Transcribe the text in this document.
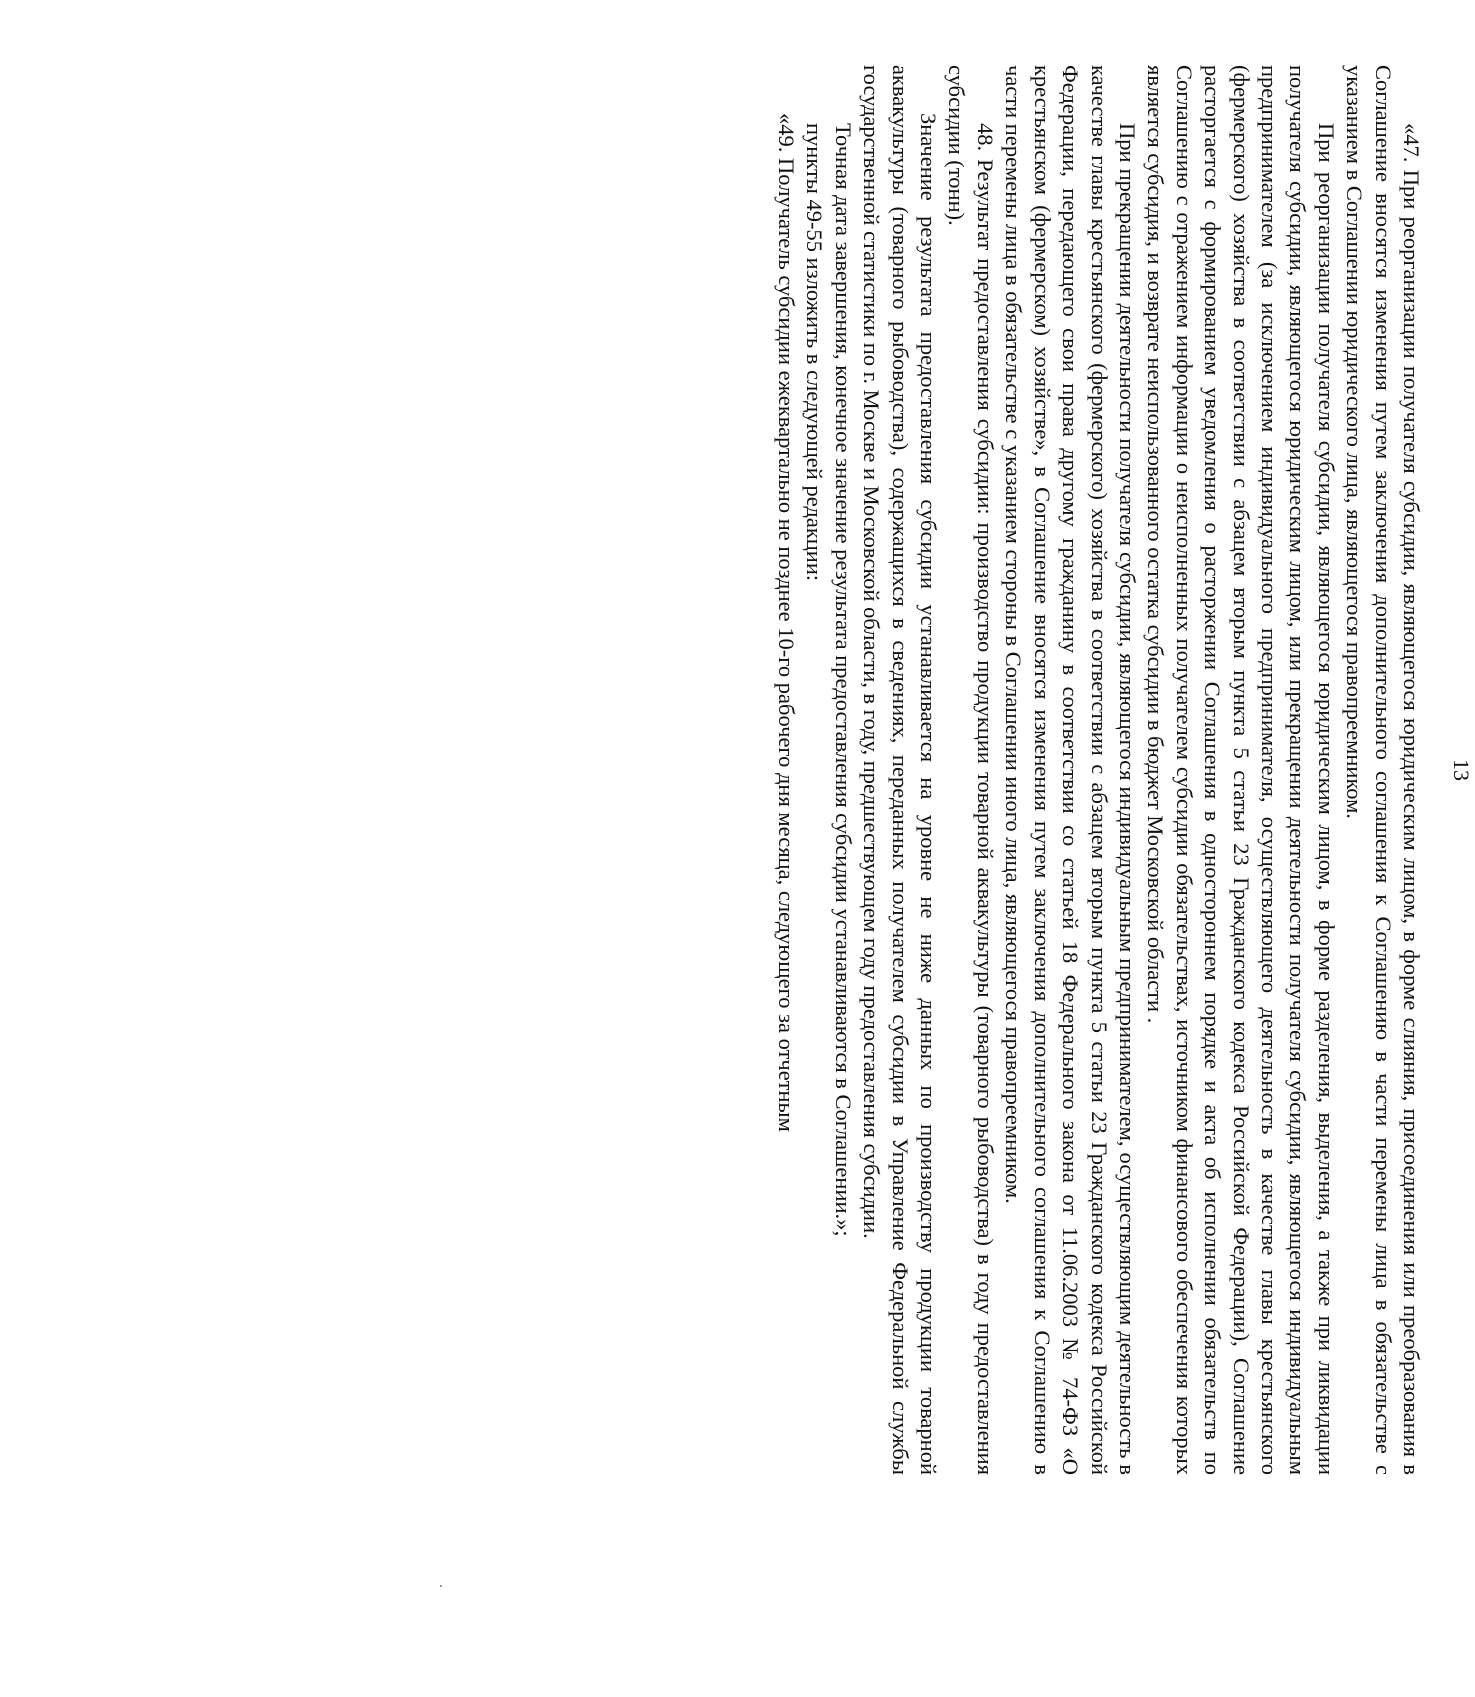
13

«47. При реорганизации получателя субсидии, являющегося юридическим лицом, в форме слияния, присоединения или преобразования в Соглашение вносятся изменения путем заключения дополнительного соглашения к Соглашению в части перемены лица в обязательстве с указанием в Соглашении юридического лица, являющегося правопреемником.

При реорганизации получателя субсидии, являющегося юридическим лицом, в форме разделения, выделения, а также при ликвидации получателя субсидии, являющегося юридическим лицом, или прекращении деятельности получателя субсидии, являющегося индивидуальным предпринимателем (за исключением индивидуального предпринимателя, осуществляющего деятельность в качестве главы крестьянского (фермерского) хозяйства в соответствии с абзацем вторым пункта 5 статьи 23 Гражданского кодекса Российской Федерации), Соглашение расторгается с формированием уведомления о расторжении Соглашения в одностороннем порядке и акта об исполнении обязательств по Соглашению с отражением информации о неисполненных получателем субсидии обязательствах, источником финансового обеспечения которых является субсидия, и возврате неиспользованного остатка субсидии в бюджет Московской области .

При прекращении деятельности получателя субсидии, являющегося индивидуальным предпринимателем, осуществляющим деятельность в качестве главы крестьянского (фермерского) хозяйства в соответствии с абзацем вторым пункта 5 статьи 23 Гражданского кодекса Российской Федерации, передающего свои права другому гражданину в соответствии со статьей 18 Федерального закона от 11.06.2003 № 74-ФЗ «О крестьянском (фермерском) хозяйстве», в Соглашение вносятся изменения путем заключения дополнительного соглашения к Соглашению в части перемены лица в обязательстве с указанием стороны в Соглашении иного лица, являющегося правопреемником.

48. Результат предоставления субсидии: производство продукции товарной аквакультуры (товарного рыбоводства) в году предоставления субсидии (тонн).

Значение результата предоставления субсидии устанавливается на уровне не ниже данных по производству продукции товарной аквакультуры (товарного рыбоводства), содержащихся в сведениях, переданных получателем субсидии в Управление Федеральной службы государственной статистики по г. Москве и Московской области, в году, предшествующем году предоставления субсидии.

Точная дата завершения, конечное значение результата предоставления субсидии устанавливаются в Соглашении.»;

пункты 49-55 изложить в следующей редакции:

«49. Получатель субсидии ежеквартально не позднее 10-го рабочего дня месяца, следующего за отчетным
